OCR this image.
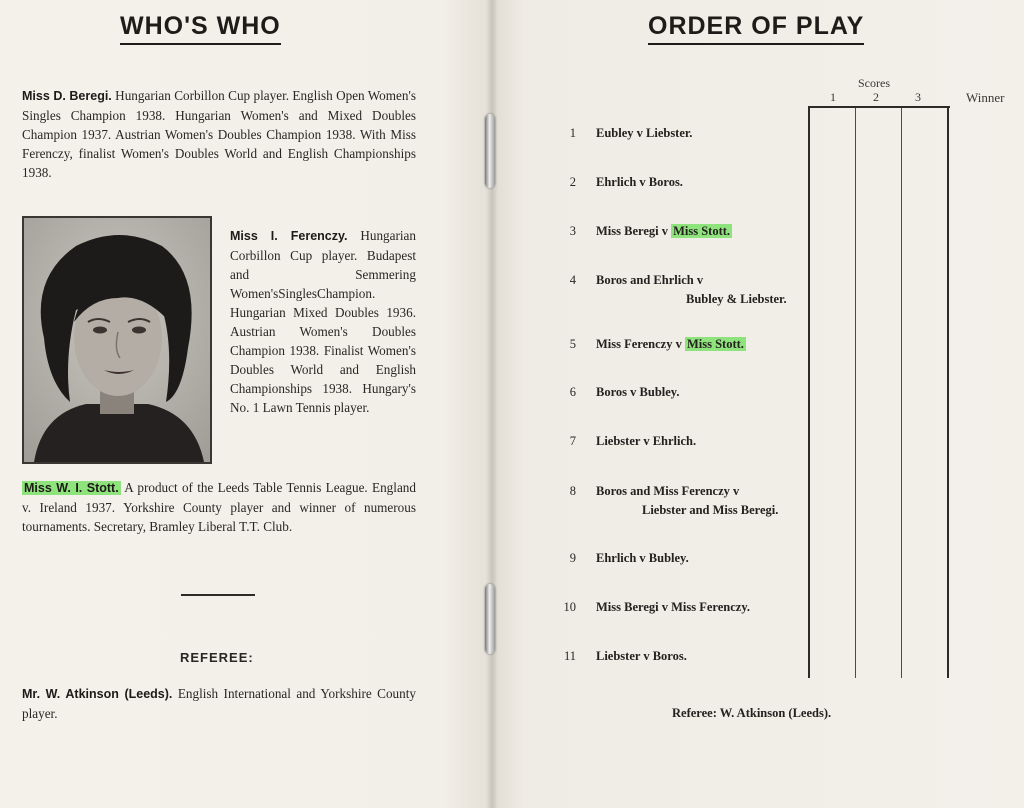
WHO'S WHO

Miss D. Beregi. Hungarian Corbillon Cup player. English Open Women's Singles Champion 1938. Hungarian Women's and Mixed Doubles Champion 1937. Austrian Women's Doubles Champion 1938. With Miss Ferenczy, finalist Women's Doubles World and English Championships 1938.

Miss I. Ferenczy. Hungarian Corbillon Cup player. Budapest and Semmering Women'sSinglesChampion. Hungarian Mixed Doubles 1936. Austrian Women's Doubles Champion 1938. Finalist Women's Doubles World and English Championships 1938. Hungary's No. 1 Lawn Tennis player.

Miss W. I. Stott. A product of the Leeds Table Tennis League. England v. Ireland 1937. Yorkshire County player and winner of numerous tournaments. Secretary, Bramley Liberal T.T. Club.

REFEREE:

Mr. W. Atkinson (Leeds). English International and Yorkshire County player.

ORDER OF PLAY
Scores
1	2	3	Winner
1 Eubley v Liebster.
2 Ehrlich v Boros.
3 Miss Beregi v Miss Stott.
4 Boros and Ehrlich v
Bubley & Liebster.
5 Miss Ferenczy v Miss Stott.
6 Boros v Bubley.
7 Liebster v Ehrlich.
8 Boros and Miss Ferenczy v
Liebster and Miss Beregi.
9 Ehrlich v Bubley.
10 Miss Beregi v Miss Ferenczy.
11 Liebster v Boros.
Referee: W. Atkinson (Leeds).
